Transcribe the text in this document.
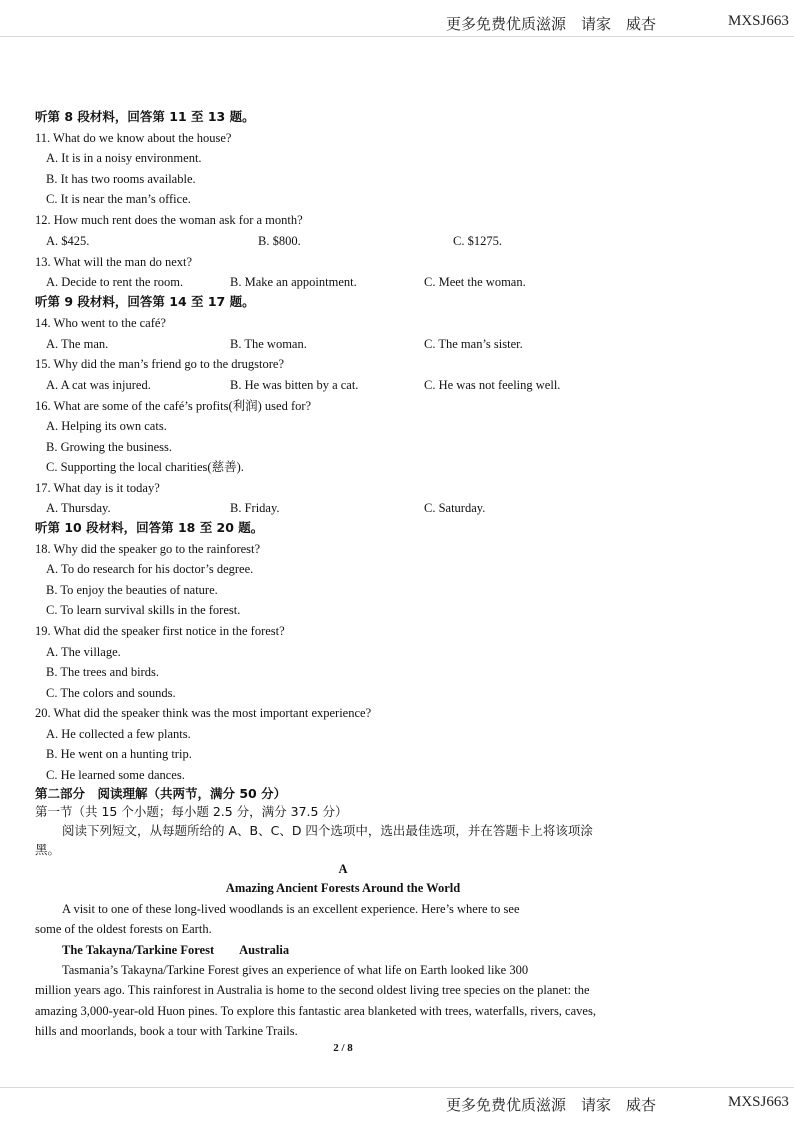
更多免费优质滋源　请家　威杏	MXSJ663
听第 8 段材料，回答第 11 至 13 题。
11. What do we know about the house?
A. It is in a noisy environment.
B. It has two rooms available.
C. It is near the man’s office.
12. How much rent does the woman ask for a month?
A. $425.	B. $800.	C. $1275.
13. What will the man do next?
A. Decide to rent the room.	B. Make an appointment.	C. Meet the woman.
听第 9 段材料，回答第 14 至 17 题。
14. Who went to the café?
A. The man.	B. The woman.	C. The man’s sister.
15. Why did the man’s friend go to the drugstore?
A. A cat was injured.	B. He was bitten by a cat.	C. He was not feeling well.
16. What are some of the café’s profits(利润) used for?
A. Helping its own cats.
B. Growing the business.
C. Supporting the local charities(慈善).
17. What day is it today?
A. Thursday.	B. Friday.	C. Saturday.
听第 10 段材料，回答第 18 至 20 题。
18. Why did the speaker go to the rainforest?
A. To do research for his doctor’s degree.
B. To enjoy the beauties of nature.
C. To learn survival skills in the forest.
19. What did the speaker first notice in the forest?
A. The village.
B. The trees and birds.
C. The colors and sounds.
20. What did the speaker think was the most important experience?
A. He collected a few plants.
B. He went on a hunting trip.
C. He learned some dances.
第二部分　阅读理解（共两节，满分 50 分）
第一节（共 15 个小题；每小题 2.5 分，满分 37.5 分）
阅读下列短文，从每题所给的 A、B、C、D 四个选项中，选出最佳选项，并在答题卡上将该项涂
黑。
A
Amazing Ancient Forests Around the World
A visit to one of these long-lived woodlands is an excellent experience. Here’s where to see
some of the oldest forests on Earth.
The Takayna/Tarkine Forest　　Australia
Tasmania’s Takayna/Tarkine Forest gives an experience of what life on Earth looked like 300
million years ago. This rainforest in Australia is home to the second oldest living tree species on the planet: the
amazing 3,000-year-old Huon pines. To explore this fantastic area blanketed with trees, waterfalls, rivers, caves,
hills and moorlands, book a tour with Tarkine Trails.
2 / 8
更多免费优质滋源　请家　威杏	MXSJ663
